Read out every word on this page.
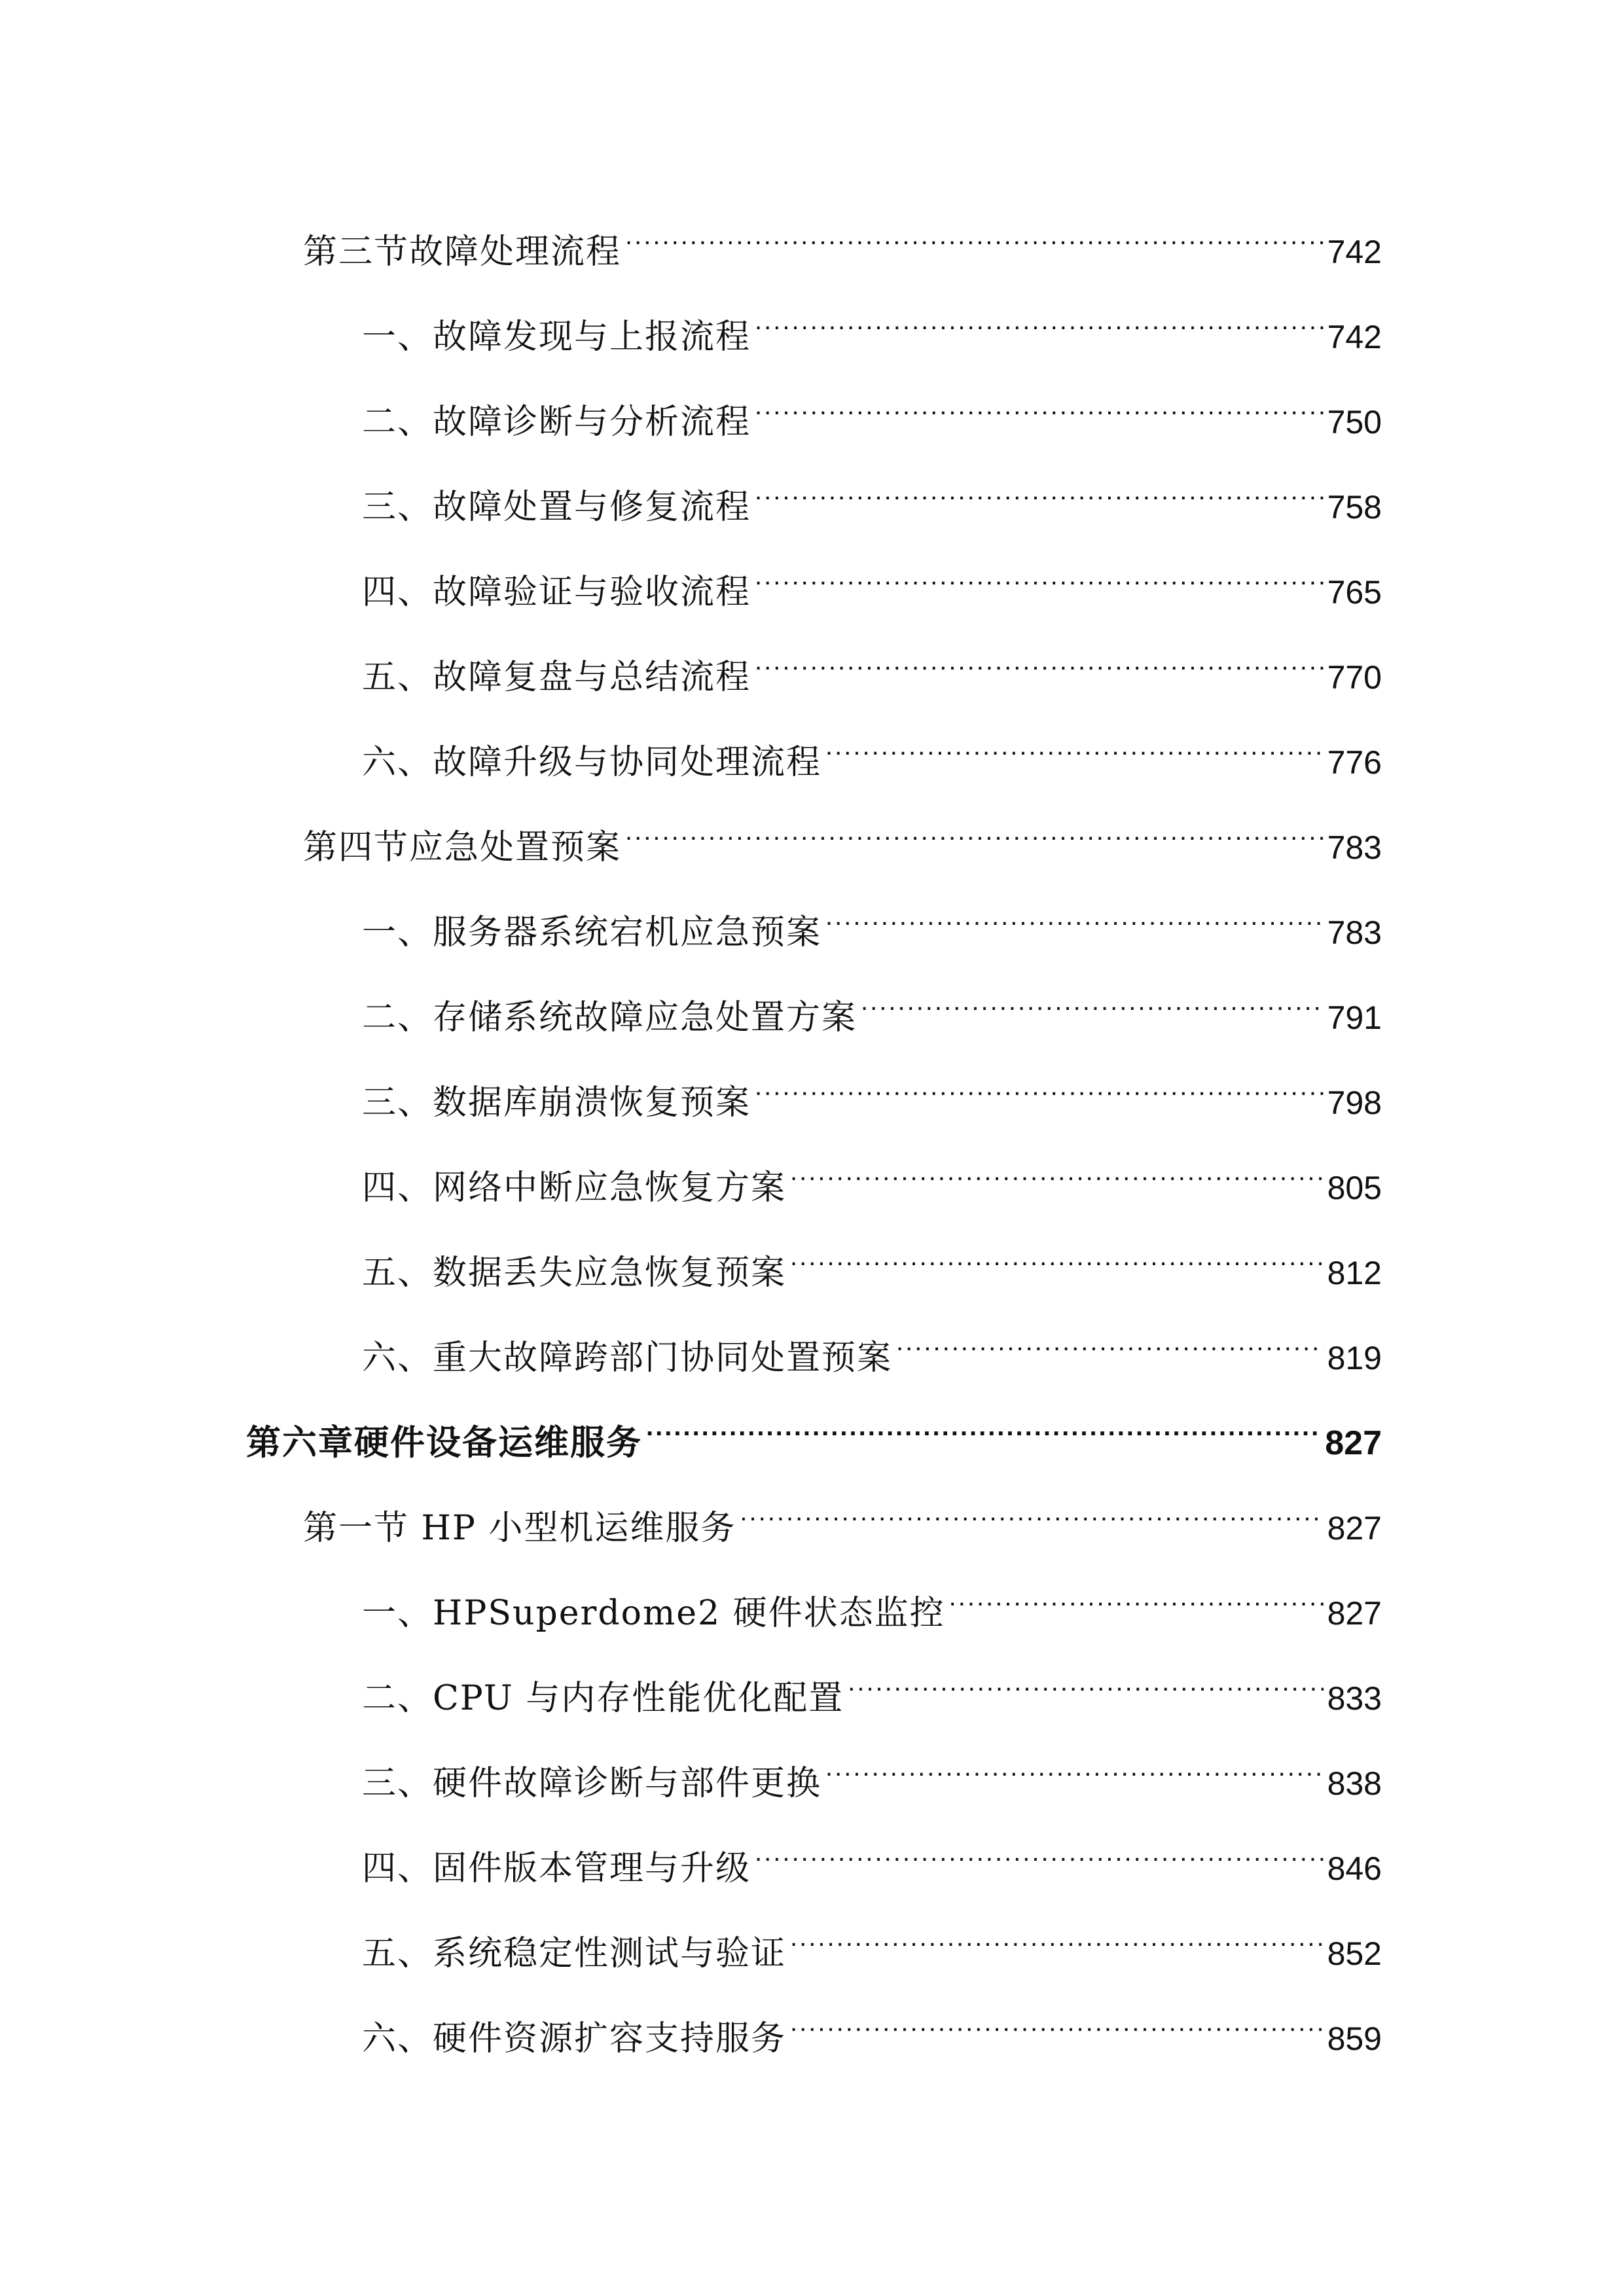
第三节故障处理流程 .....	742
一、故障发现与上报流程 .....	742
二、故障诊断与分析流程 .....	750
三、故障处置与修复流程 .....	758
四、故障验证与验收流程 .....	765
五、故障复盘与总结流程 .....	770
六、故障升级与协同处理流程 .....	776
第四节应急处置预案 .....	783
一、服务器系统宕机应急预案 .....	783
二、存储系统故障应急处置方案 .....	791
三、数据库崩溃恢复预案 .....	798
四、网络中断应急恢复方案 .....	805
五、数据丢失应急恢复预案 .....	812
六、重大故障跨部门协同处置预案 .....	819
第六章硬件设备运维服务 .....	827
第一节 HP 小型机运维服务 .....	827
一、HPSuperdome2 硬件状态监控 .....	827
二、CPU 与内存性能优化配置 .....	833
三、硬件故障诊断与部件更换 .....	838
四、固件版本管理与升级 .....	846
五、系统稳定性测试与验证 .....	852
六、硬件资源扩容支持服务 .....	859
